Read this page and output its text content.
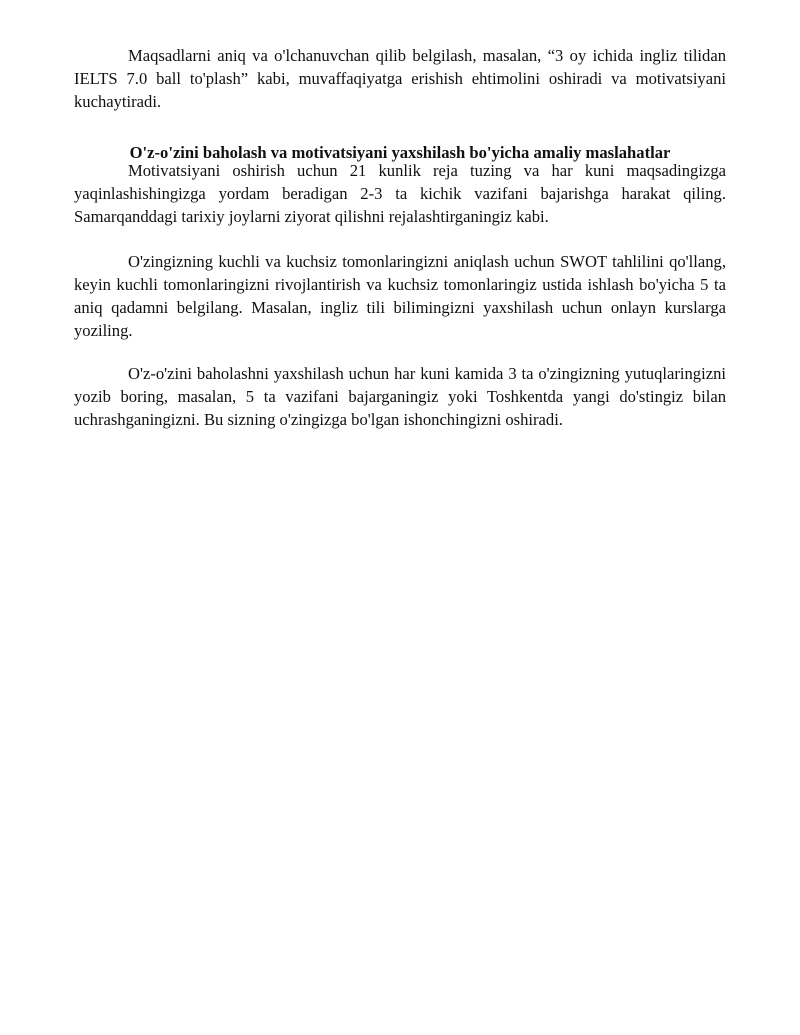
Maqsadlarni aniq va o'lchanuvchan qilib belgilash, masalan, “3 oy ichida ingliz tilidan IELTS 7.0 ball to'plash” kabi, muvaffaqiyatga erishish ehtimolini oshiradi va motivatsiyani kuchaytiradi.

O'z-o'zini baholash va motivatsiyani yaxshilash bo'yicha amaliy maslahatlar

Motivatsiyani oshirish uchun 21 kunlik reja tuzing va har kuni maqsadingizga yaqinlashishingizga yordam beradigan 2-3 ta kichik vazifani bajarishga harakat qiling. Samarqanddagi tarixiy joylarni ziyorat qilishni rejalashtirganingiz kabi.

O'zingizning kuchli va kuchsiz tomonlaringizni aniqlash uchun SWOT tahlilini qo'llang, keyin kuchli tomonlaringizni rivojlantirish va kuchsiz tomonlaringiz ustida ishlash bo'yicha 5 ta aniq qadamni belgilang. Masalan, ingliz tili bilimingizni yaxshilash uchun onlayn kurslarga yoziling.

O'z-o'zini baholashni yaxshilash uchun har kuni kamida 3 ta o'zingizning yutuqlaringizni yozib boring, masalan, 5 ta vazifani bajarganingiz yoki Toshkentda yangi do'stingiz bilan uchrashganingizni. Bu sizning o'zingizga bo'lgan ishonchingizni oshiradi.
